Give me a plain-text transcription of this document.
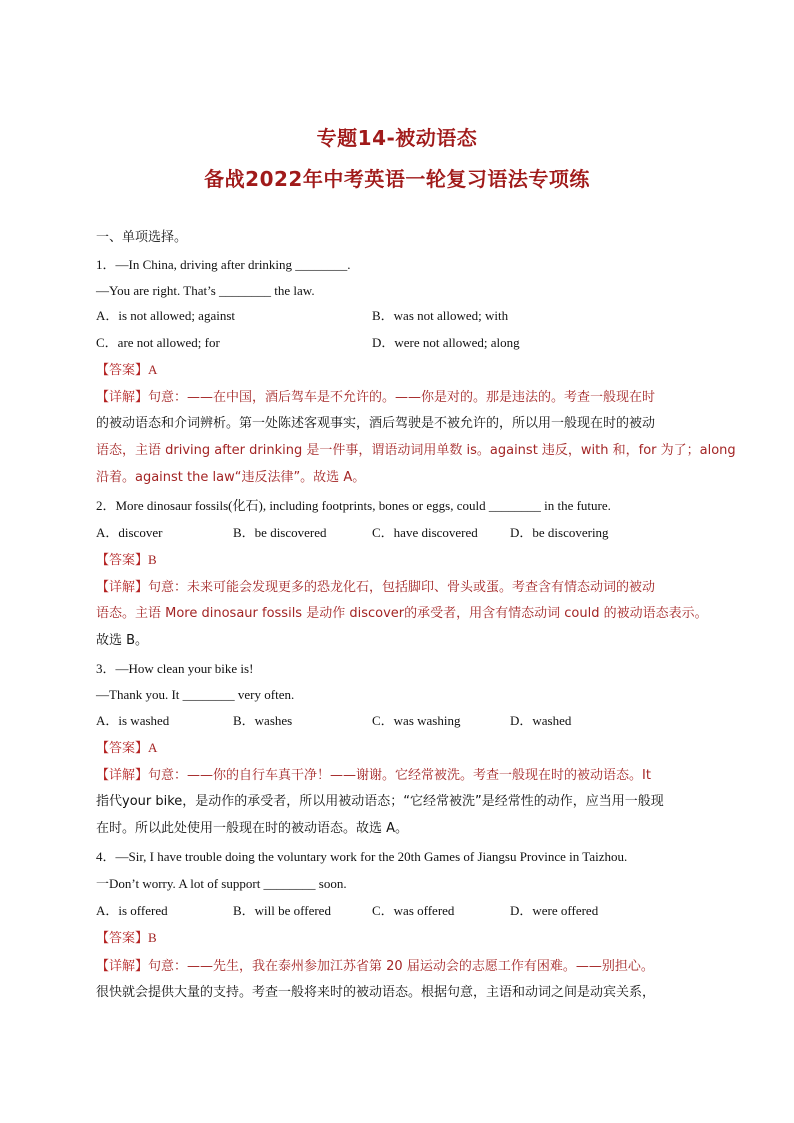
专题14-被动语态
备战2022年中考英语一轮复习语法专项练
一、单项选择。
1．—In China, driving after drinking ________.
—You are right. That’s ________ the law.
A．is not allowed; against	B．was not allowed; with
C．are not allowed; for	D．were not allowed; along
【答案】A
【详解】句意：——在中国，酒后驾车是不允许的。——你是对的。那是违法的。考查一般现在时
的被动语态和介词辨析。第一处陈述客观事实，酒后驾驶是不被允许的，所以用一般现在时的被动
语态，主语 driving after drinking 是一件事，谓语动词用单数 is。against 违反，with 和，for 为了；along
沿着。against the law“违反法律”。故选 A。
2．More dinosaur fossils(化石), including footprints, bones or eggs, could ________ in the future.
A．discover	B．be discovered	C．have discovered D．be discovering
【答案】B
【详解】句意：未来可能会发现更多的恐龙化石，包括脚印、骨头或蛋。考查含有情态动词的被动
语态。主语 More dinosaur fossils 是动作 discover的承受者，用含有情态动词 could 的被动语态表示。
故选 B。
3．—How clean your bike is!
—Thank you. It ________ very often.
A．is washed	B．washes	C．was washing	D．washed
【答案】A
【详解】句意：——你的自行车真干净！——谢谢。它经常被洗。考查一般现在时的被动语态。It
指代your bike，是动作的承受者，所以用被动语态；“它经常被洗”是经常性的动作，应当用一般现
在时。所以此处使用一般现在时的被动语态。故选 A。
4．—Sir, I have trouble doing the voluntary work for the 20th Games of Jiangsu Province in Taizhou.
一Don’t worry. A lot of support ________ soon.
A．is offered	B．will be offered	C．was offered	D．were offered
【答案】B
【详解】句意：——先生，我在泰州参加江苏省第 20 届运动会的志愿工作有困难。——别担心。
很快就会提供大量的支持。考查一般将来时的被动语态。根据句意，主语和动词之间是动宾关系，
